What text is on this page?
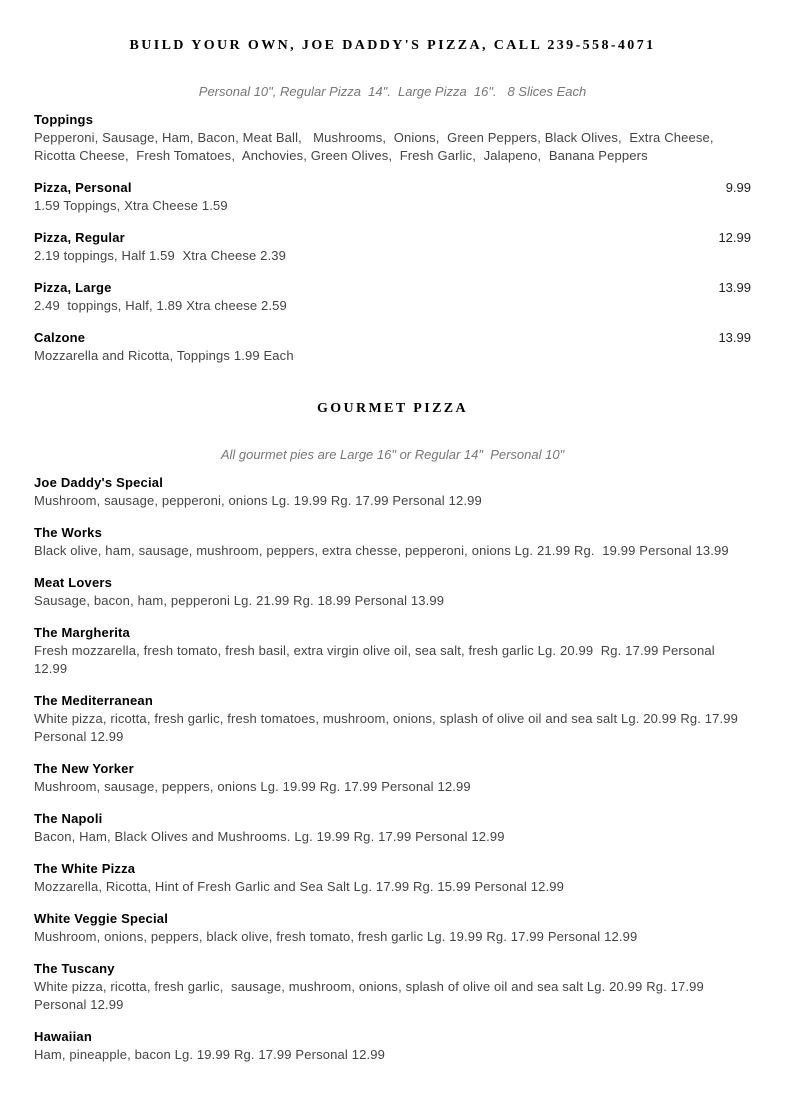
BUILD YOUR OWN, JOE DADDY'S PIZZA, CALL 239-558-4071

Personal 10", Regular Pizza  14".  Large Pizza  16".   8 Slices Each

Toppings
Pepperoni, Sausage, Ham, Bacon, Meat Ball,   Mushrooms,  Onions,  Green Peppers, Black Olives,  Extra Cheese,  Ricotta Cheese,  Fresh Tomatoes,  Anchovies, Green Olives,  Fresh Garlic,  Jalapeno,  Banana Peppers
Pizza, Personal	9.99
1.59 Toppings, Xtra Cheese 1.59
Pizza, Regular	12.99
2.19 toppings, Half 1.59  Xtra Cheese 2.39
Pizza, Large	13.99
2.49  toppings, Half, 1.89 Xtra cheese 2.59
Calzone	13.99
Mozzarella and Ricotta, Toppings 1.99 Each
GOURMET PIZZA

All gourmet pies are Large 16" or Regular 14"  Personal 10"

Joe Daddy's Special
Mushroom, sausage, pepperoni, onions Lg. 19.99 Rg. 17.99 Personal 12.99
The Works
Black olive, ham, sausage, mushroom, peppers, extra chesse, pepperoni, onions Lg. 21.99 Rg.  19.99 Personal 13.99
Meat Lovers
Sausage, bacon, ham, pepperoni Lg. 21.99 Rg. 18.99 Personal 13.99
The Margherita
Fresh mozzarella, fresh tomato, fresh basil, extra virgin olive oil, sea salt, fresh garlic Lg. 20.99  Rg. 17.99 Personal 12.99
The Mediterranean
White pizza, ricotta, fresh garlic, fresh tomatoes, mushroom, onions, splash of olive oil and sea salt Lg. 20.99 Rg. 17.99 Personal 12.99
The New Yorker
Mushroom, sausage, peppers, onions Lg. 19.99 Rg. 17.99 Personal 12.99
The Napoli
Bacon, Ham, Black Olives and Mushrooms. Lg. 19.99 Rg. 17.99 Personal 12.99
The White Pizza
Mozzarella, Ricotta, Hint of Fresh Garlic and Sea Salt Lg. 17.99 Rg. 15.99 Personal 12.99
White Veggie Special
Mushroom, onions, peppers, black olive, fresh tomato, fresh garlic Lg. 19.99 Rg. 17.99 Personal 12.99
The Tuscany
White pizza, ricotta, fresh garlic,  sausage, mushroom, onions, splash of olive oil and sea salt Lg. 20.99 Rg. 17.99 Personal 12.99
Hawaiian
Ham, pineapple, bacon Lg. 19.99 Rg. 17.99 Personal 12.99
